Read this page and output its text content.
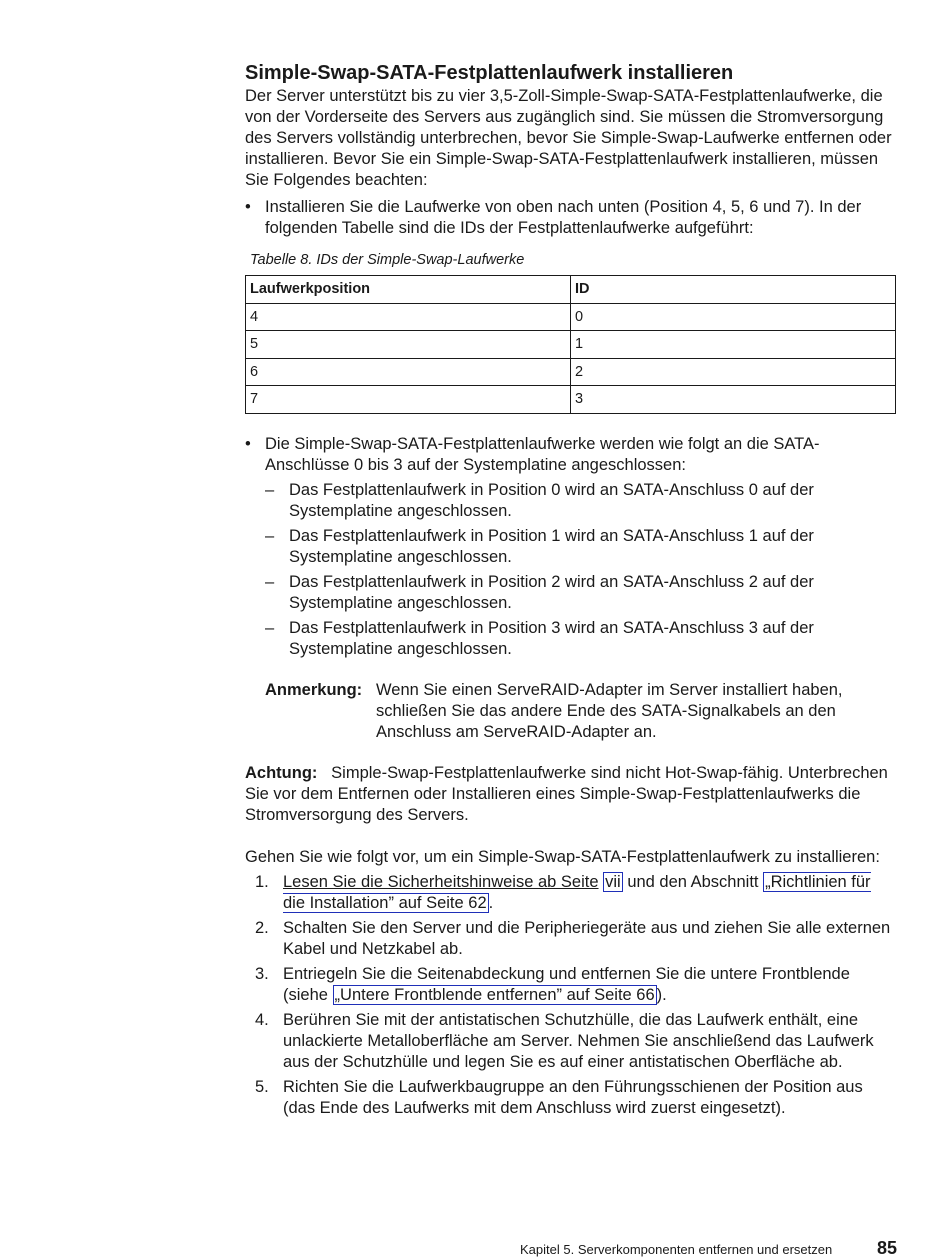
Simple-Swap-SATA-Festplattenlaufwerk installieren

Der Server unterstützt bis zu vier 3,5-Zoll-Simple-Swap-SATA-Festplattenlaufwerke, die von der Vorderseite des Servers aus zugänglich sind. Sie müssen die Stromversorgung des Servers vollständig unterbrechen, bevor Sie Simple-Swap-Laufwerke entfernen oder installieren. Bevor Sie ein Simple-Swap-SATA-Festplattenlaufwerk installieren, müssen Sie Folgendes beachten:

• Installieren Sie die Laufwerke von oben nach unten (Position 4, 5, 6 und 7). In der folgenden Tabelle sind die IDs der Festplattenlaufwerke aufgeführt:
Tabelle 8. IDs der Simple-Swap-Laufwerke
Laufwerkposition	ID
4	0
5	1
6	2
7	3
• Die Simple-Swap-SATA-Festplattenlaufwerke werden wie folgt an die SATA-Anschlüsse 0 bis 3 auf der Systemplatine angeschlossen:
– Das Festplattenlaufwerk in Position 0 wird an SATA-Anschluss 0 auf der Systemplatine angeschlossen.
– Das Festplattenlaufwerk in Position 1 wird an SATA-Anschluss 1 auf der Systemplatine angeschlossen.
– Das Festplattenlaufwerk in Position 2 wird an SATA-Anschluss 2 auf der Systemplatine angeschlossen.
– Das Festplattenlaufwerk in Position 3 wird an SATA-Anschluss 3 auf der Systemplatine angeschlossen.
Anmerkung: Wenn Sie einen ServeRAID-Adapter im Server installiert haben, schließen Sie das andere Ende des SATA-Signalkabels an den Anschluss am ServeRAID-Adapter an.

Achtung: Simple-Swap-Festplattenlaufwerke sind nicht Hot-Swap-fähig. Unterbrechen Sie vor dem Entfernen oder Installieren eines Simple-Swap-Festplattenlaufwerks die Stromversorgung des Servers.

Gehen Sie wie folgt vor, um ein Simple-Swap-SATA-Festplattenlaufwerk zu installieren:

1. Lesen Sie die Sicherheitshinweise ab Seite vii und den Abschnitt „Richtlinien für die Installation” auf Seite 62 .
2. Schalten Sie den Server und die Peripheriegeräte aus und ziehen Sie alle externen Kabel und Netzkabel ab.
3. Entriegeln Sie die Seitenabdeckung und entfernen Sie die untere Frontblende (siehe „Untere Frontblende entfernen” auf Seite 66 ).
4. Berühren Sie mit der antistatischen Schutzhülle, die das Laufwerk enthält, eine unlackierte Metalloberfläche am Server. Nehmen Sie anschließend das Laufwerk aus der Schutzhülle und legen Sie es auf einer antistatischen Oberfläche ab.
5. Richten Sie die Laufwerkbaugruppe an den Führungsschienen der Position aus (das Ende des Laufwerks mit dem Anschluss wird zuerst eingesetzt).
Kapitel 5. Serverkomponenten entfernen und ersetzen 85
